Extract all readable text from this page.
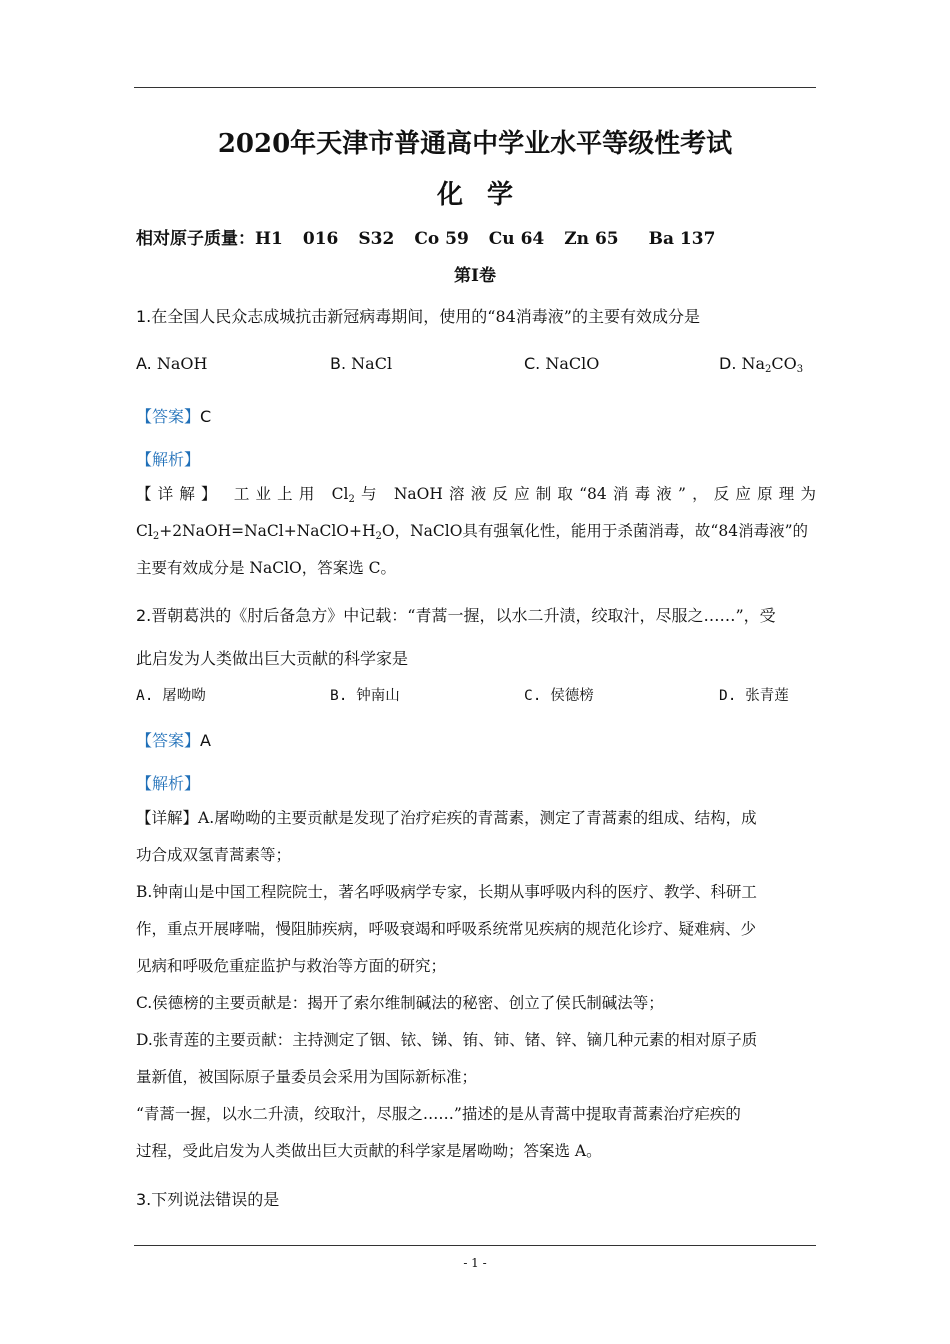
2020年天津市普通高中学业水平等级性考试
化学
相对原子质量：H1 016 S32 Co 59 Cu 64 Zn 65 Ba 137
第Ⅰ卷
1.在全国人民众志成城抗击新冠病毒期间，使用的“84消毒液”的主要有效成分是
A. NaOH	B. NaCl	C. NaClO	D. $Na_2CO_3$
【答案】C
【解析】
【详解】 工业上用 $Cl_2$与 NaOH溶液反应制取“84消毒液”，反应原理为
$Cl_2+2NaOH=NaCl+NaClO+H_2O$，NaClO具有强氧化性，能用于杀菌消毒，故“84消毒液”的
主要有效成分是 NaClO，答案选 C。
2.晋朝葛洪的《肘后备急方》中记载：“青蒿一握，以水二升渍，绞取汁，尽服之……”，受
此启发为人类做出巨大贡献的科学家是
A. 屠呦呦	B. 钟南山	C. 侯德榜	D. 张青莲
【答案】A
【解析】
【详解】A.屠呦呦的主要贡献是发现了治疗疟疾的青蒿素，测定了青蒿素的组成、结构，成
功合成双氢青蒿素等；
B.钟南山是中国工程院院士，著名呼吸病学专家，长期从事呼吸内科的医疗、教学、科研工
作，重点开展哮喘，慢阻肺疾病，呼吸衰竭和呼吸系统常见疾病的规范化诊疗、疑难病、少
见病和呼吸危重症监护与救治等方面的研究；
C.侯德榜的主要贡献是：揭开了索尔维制碱法的秘密、创立了侯氏制碱法等；
D.张青莲的主要贡献：主持测定了铟、铱、锑、铕、铈、锗、锌、镝几种元素的相对原子质
量新值，被国际原子量委员会采用为国际新标准；
“青蒿一握，以水二升渍，绞取汁，尽服之……”描述的是从青蒿中提取青蒿素治疗疟疾的
过程，受此启发为人类做出巨大贡献的科学家是屠呦呦；答案选 A。
3.下列说法错误的是
- 1 -
